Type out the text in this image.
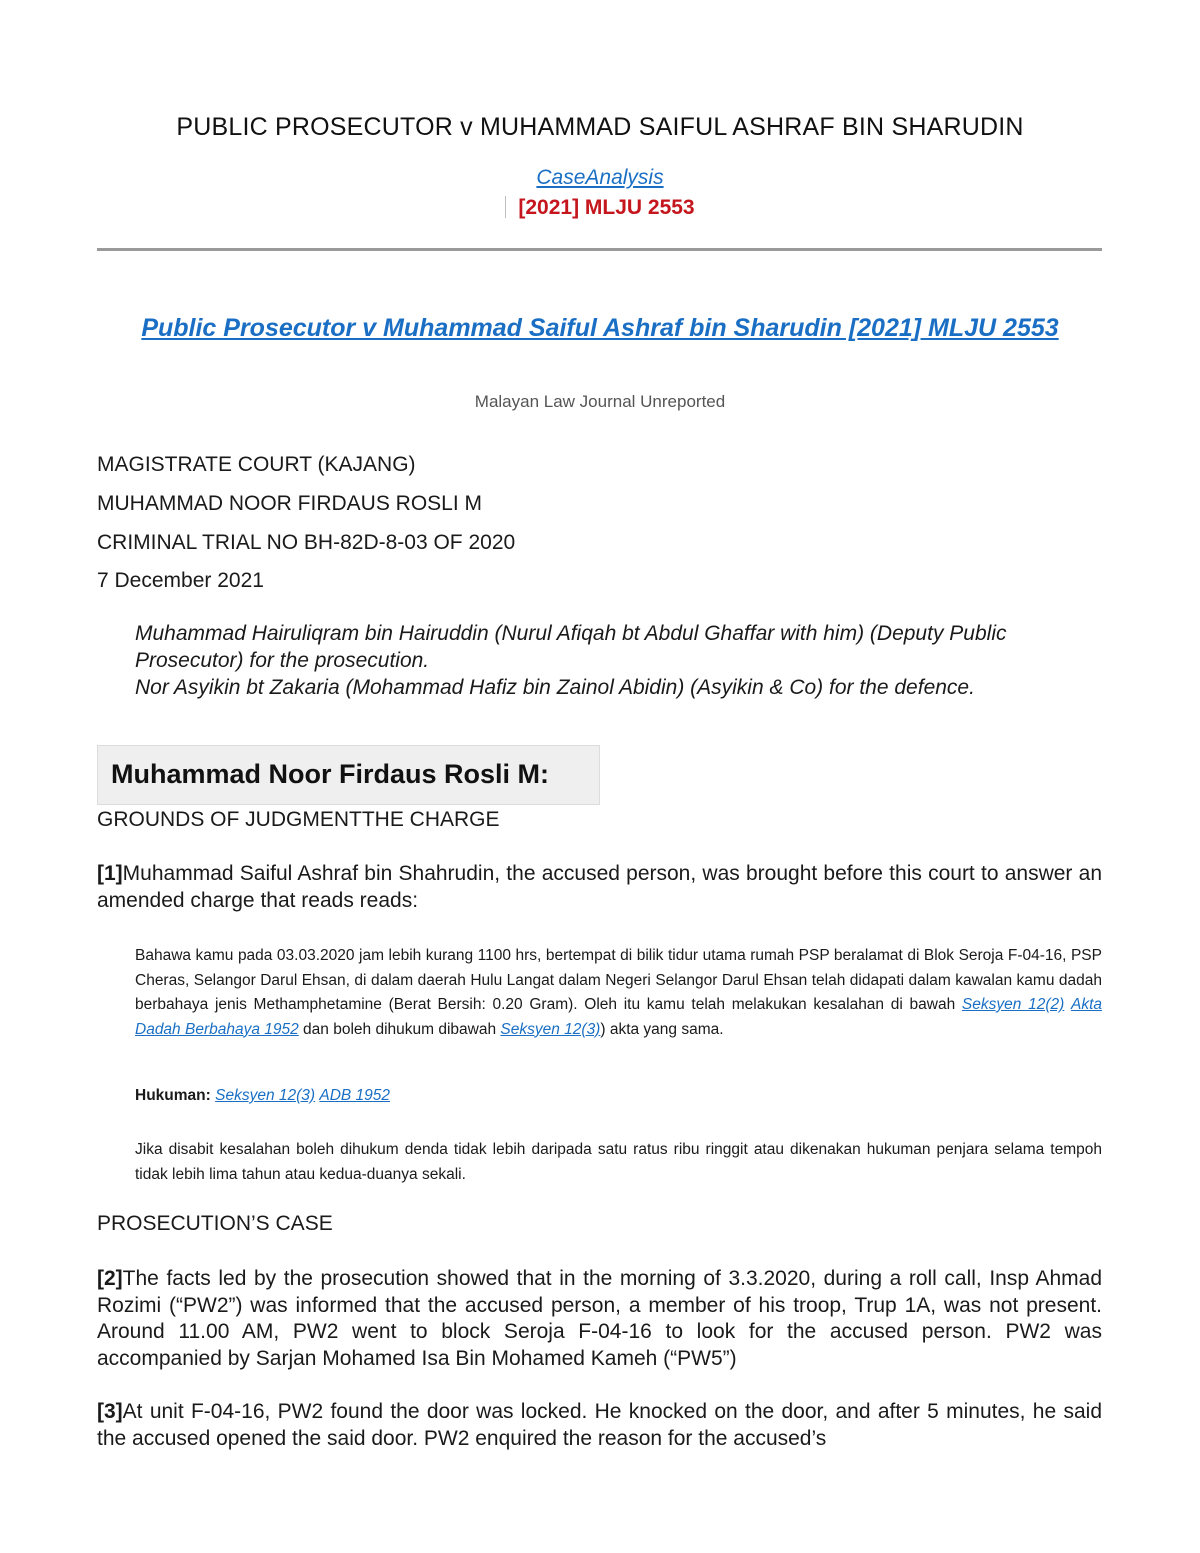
PUBLIC PROSECUTOR v MUHAMMAD SAIFUL ASHRAF BIN SHARUDIN
CaseAnalysis
[2021] MLJU 2553
Public Prosecutor v Muhammad Saiful Ashraf bin Sharudin [2021] MLJU 2553
Malayan Law Journal Unreported
MAGISTRATE COURT (KAJANG)
MUHAMMAD NOOR FIRDAUS ROSLI M
CRIMINAL TRIAL NO BH-82D-8-03 OF 2020
7 December 2021
Muhammad Hairuliqram bin Hairuddin (Nurul Afiqah bt Abdul Ghaffar with him) (Deputy Public Prosecutor) for the prosecution.
Nor Asyikin bt Zakaria (Mohammad Hafiz bin Zainol Abidin) (Asyikin & Co) for the defence.
Muhammad Noor Firdaus Rosli M:
GROUNDS OF JUDGMENTTHE CHARGE
[1]Muhammad Saiful Ashraf bin Shahrudin, the accused person, was brought before this court to answer an amended charge that reads reads:
Bahawa kamu pada 03.03.2020 jam lebih kurang 1100 hrs, bertempat di bilik tidur utama rumah PSP beralamat di Blok Seroja F-04-16, PSP Cheras, Selangor Darul Ehsan, di dalam daerah Hulu Langat dalam Negeri Selangor Darul Ehsan telah didapati dalam kawalan kamu dadah berbahaya jenis Methamphetamine (Berat Bersih: 0.20 Gram). Oleh itu kamu telah melakukan kesalahan di bawah Seksyen 12(2) Akta Dadah Berbahaya 1952 dan boleh dihukum dibawah Seksyen 12(3)) akta yang sama.
Hukuman: Seksyen 12(3) ADB 1952
Jika disabit kesalahan boleh dihukum denda tidak lebih daripada satu ratus ribu ringgit atau dikenakan hukuman penjara selama tempoh tidak lebih lima tahun atau kedua-duanya sekali.
PROSECUTION’S CASE
[2]The facts led by the prosecution showed that in the morning of 3.3.2020, during a roll call, Insp Ahmad Rozimi (“PW2”) was informed that the accused person, a member of his troop, Trup 1A, was not present. Around 11.00 AM, PW2 went to block Seroja F-04-16 to look for the accused person. PW2 was accompanied by Sarjan Mohamed Isa Bin Mohamed Kameh (“PW5”)
[3]At unit F-04-16, PW2 found the door was locked. He knocked on the door, and after 5 minutes, he said the accused opened the said door. PW2 enquired the reason for the accused’s
